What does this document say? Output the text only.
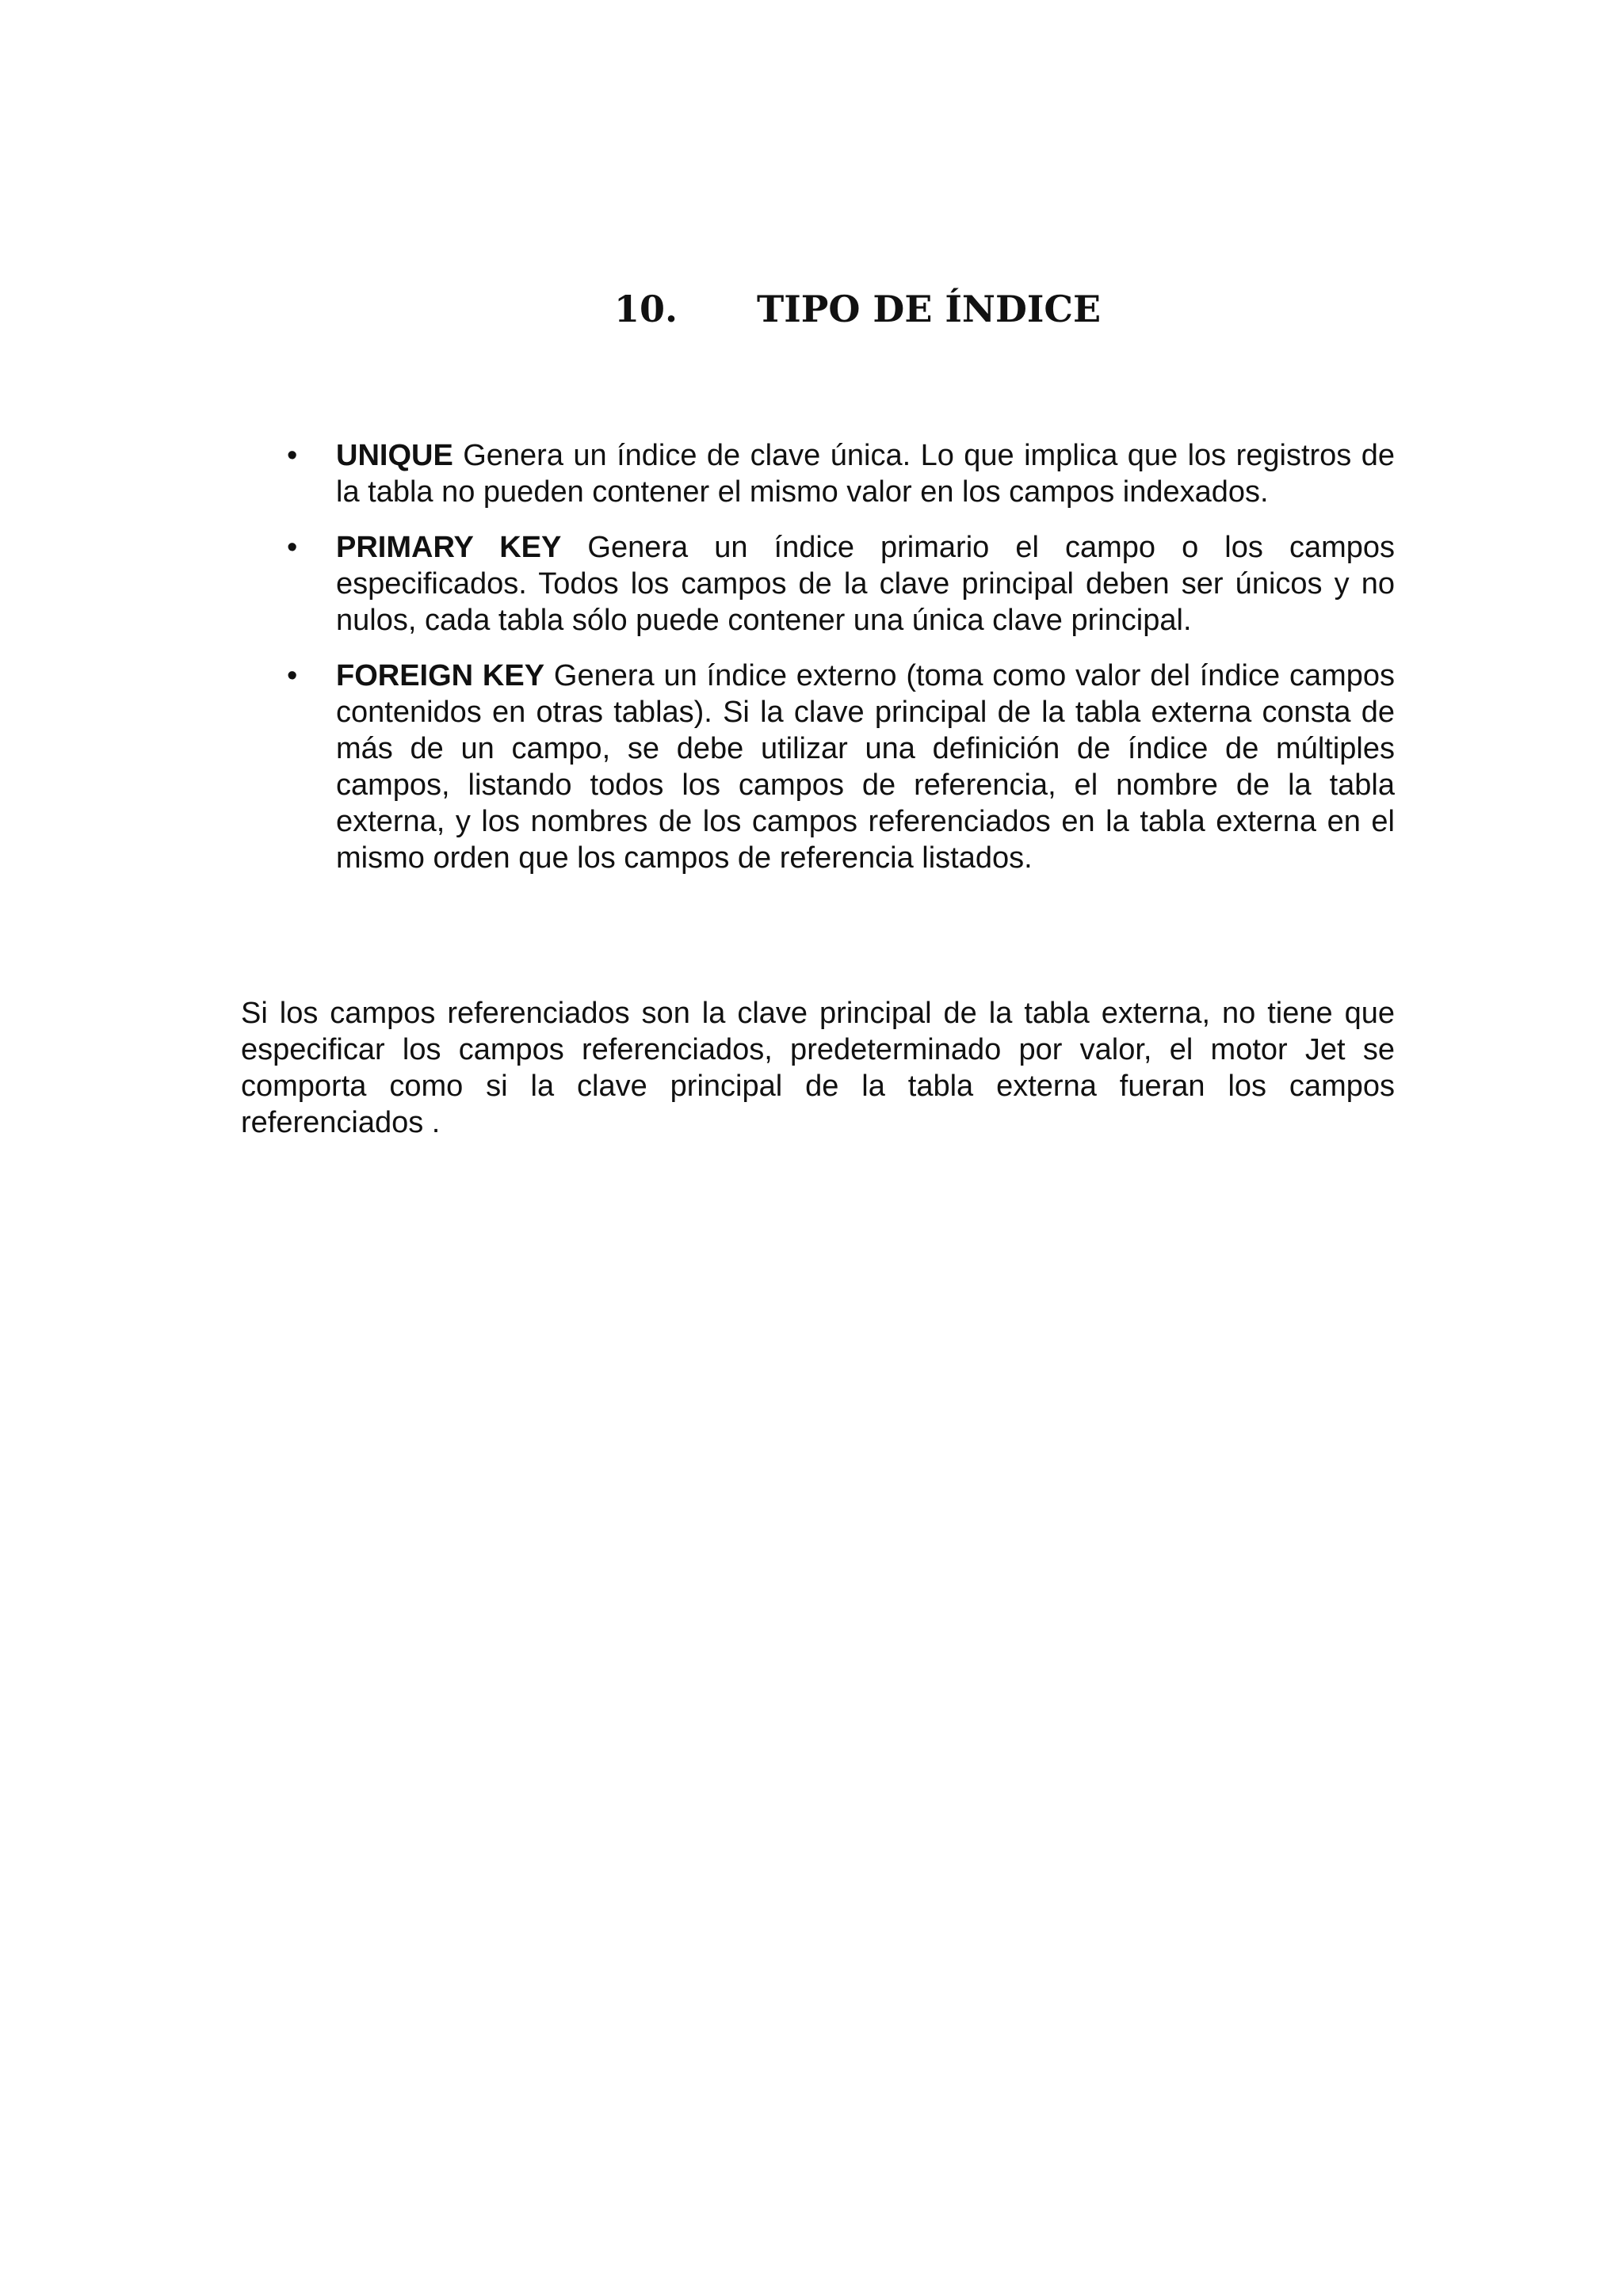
10. TIPO DE ÍNDICE
• UNIQUE Genera un índice de clave única. Lo que implica que los registros de la tabla no pueden contener el mismo valor en los campos indexados.
• PRIMARY KEY Genera un índice primario el campo o los campos especificados. Todos los campos de la clave principal deben ser únicos y no nulos, cada tabla sólo puede contener una única clave principal.
• FOREIGN KEY Genera un índice externo (toma como valor del índice campos contenidos en otras tablas). Si la clave principal de la tabla externa consta de más de un campo, se debe utilizar una definición de índice de múltiples campos, listando todos los campos de referencia, el nombre de la tabla externa, y los nombres de los campos referenciados en la tabla externa en el mismo orden que los campos de referencia listados.

Si los campos referenciados son la clave principal de la tabla externa, no tiene que especificar los campos referenciados, predeterminado por valor, el motor Jet se comporta como si la clave principal de la tabla externa fueran los campos referenciados .
